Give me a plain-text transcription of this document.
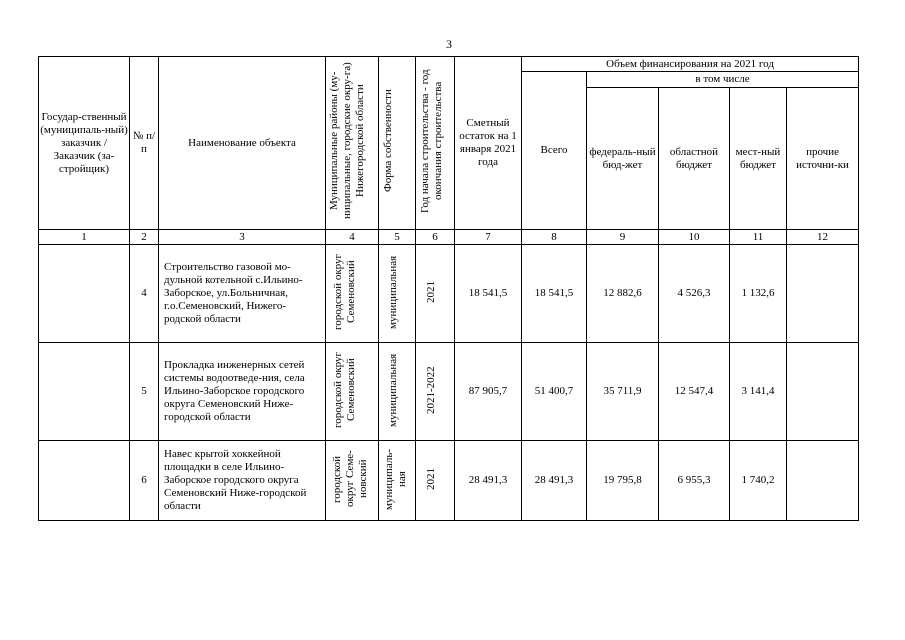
3
Государ-ственный (муниципаль-ный) заказчик / Заказчик (за-стройщик)	№ п/п	Наименование объекта	Муниципальные районы (му-ниципальные, городские окру-га) Нижегородской области	Форма собственности	Год начала строительства - год окончания строительства	Сметный остаток на 1 января 2021 года	Объем финансирования на 2021 год				
							Всего	в том числе			
								федераль-ный бюд-жет	областной бюджет	мест-ный бюджет	прочие источни-ки
1	2	3	4	5	6	7	8	9	10	11	12
	4	Строительство газовой мо-дульной котельной с.Ильино-Заборское, ул.Больничная, г.о.Семеновский, Нижего-родской области	городской округ Семеновский	муниципальная	2021	18 541,5	18 541,5	12 882,6	4 526,3	1 132,6	
	5	Прокладка инженерных сетей системы водоотведе-ния, села Ильино-Заборское городского округа Семеновский Ниже-городской области	городской округ Семеновский	муниципальная	2021-2022	87 905,7	51 400,7	35 711,9	12 547,4	3 141,4	
	6	Навес крытой хоккейной площадки в селе Ильино-Заборское городского округа Семеновский Ниже-городской области	городской округ Семе-новский	муниципаль-ная	2021	28 491,3	28 491,3	19 795,8	6 955,3	1 740,2	
